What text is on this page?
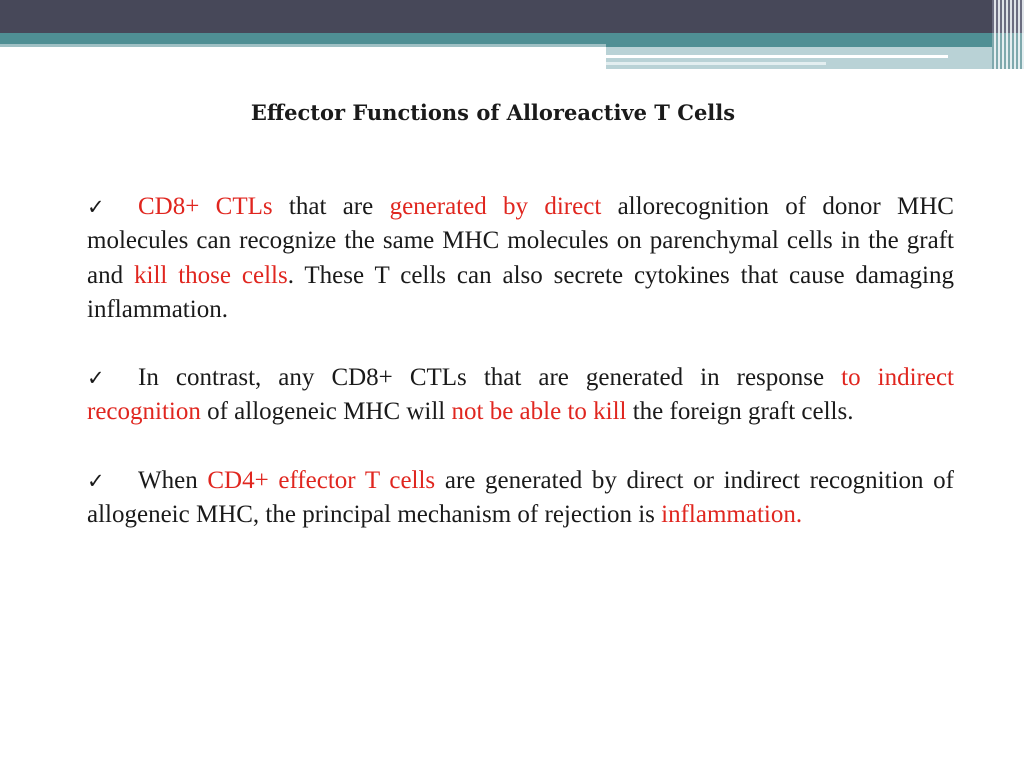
Effector Functions of Alloreactive T Cells

✓ CD8+ CTLs that are generated by direct allorecognition of donor MHC molecules can recognize the same MHC molecules on parenchymal cells in the graft and kill those cells. These T cells can also secrete cytokines that cause damaging inflammation.

✓ In contrast, any CD8+ CTLs that are generated in response to indirect recognition of allogeneic MHC will not be able to kill the foreign graft cells.

✓ When CD4+ effector T cells are generated by direct or indirect recognition of allogeneic MHC, the principal mechanism of rejection is inflammation.
